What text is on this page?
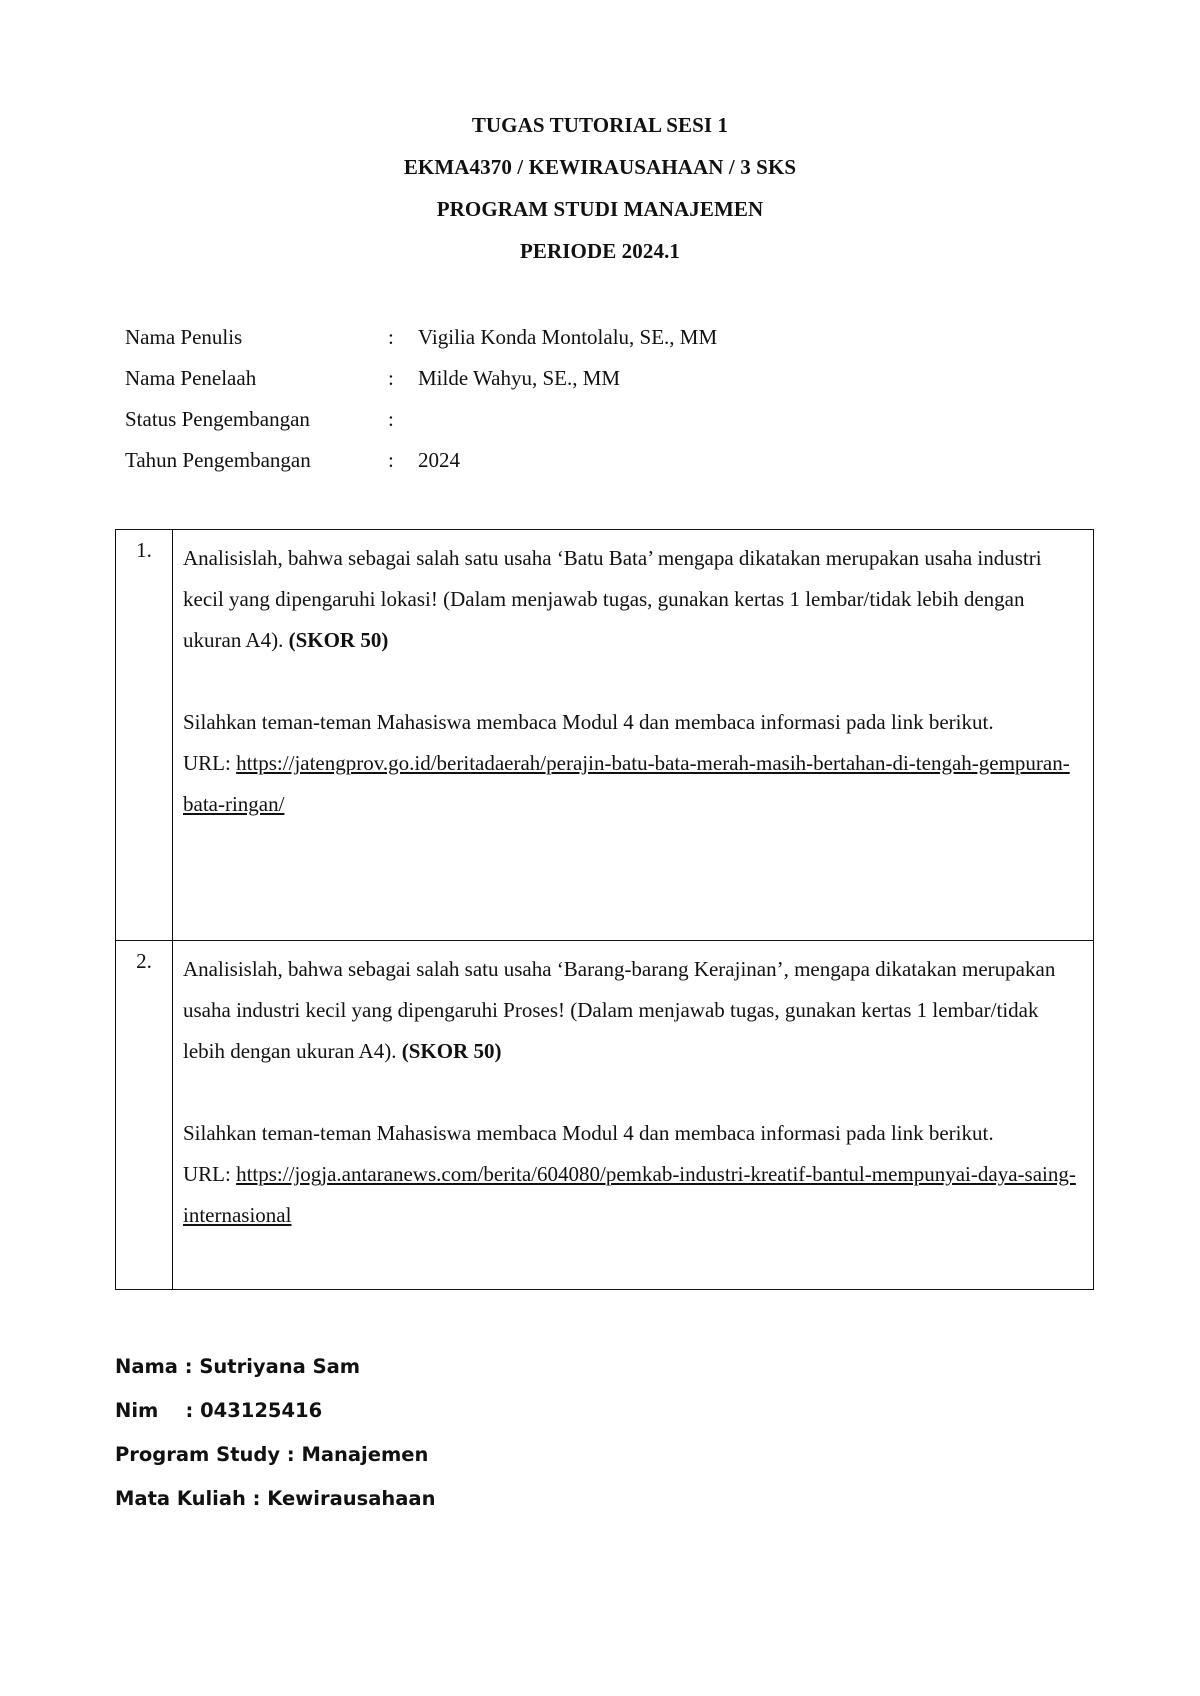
TUGAS TUTORIAL SESI 1
EKMA4370 / KEWIRAUSAHAAN / 3 SKS
PROGRAM STUDI MANAJEMEN
PERIODE 2024.1
Nama Penulis	:	Vigilia Konda Montolalu, SE., MM
Nama Penelaah	:	Milde Wahyu, SE., MM
Status Pengembangan	:
Tahun Pengembangan	:	2024
1.	Analisislah, bahwa sebagai salah satu usaha ‘Batu Bata’ mengapa dikatakan merupakan usaha industri kecil yang dipengaruhi lokasi! (Dalam menjawab tugas, gunakan kertas 1 lembar/tidak lebih dengan ukuran A4). (SKOR 50)
Silahkan teman-teman Mahasiswa membaca Modul 4 dan membaca informasi pada link berikut.
URL: https://jatengprov.go.id/beritadaerah/perajin-batu-bata-merah-masih-bertahan-di-tengah-gempuran-bata-ringan/

2.	Analisislah, bahwa sebagai salah satu usaha ‘Barang-barang Kerajinan’, mengapa dikatakan merupakan usaha industri kecil yang dipengaruhi Proses! (Dalam menjawab tugas, gunakan kertas 1 lembar/tidak lebih dengan ukuran A4). (SKOR 50)
Silahkan teman-teman Mahasiswa membaca Modul 4 dan membaca informasi pada link berikut.
URL: https://jogja.antaranews.com/berita/604080/pemkab-industri-kreatif-bantul-mempunyai-daya-saing-internasional
Nama : Sutriyana Sam
Nim    : 043125416
Program Study : Manajemen
Mata Kuliah : Kewirausahaan
